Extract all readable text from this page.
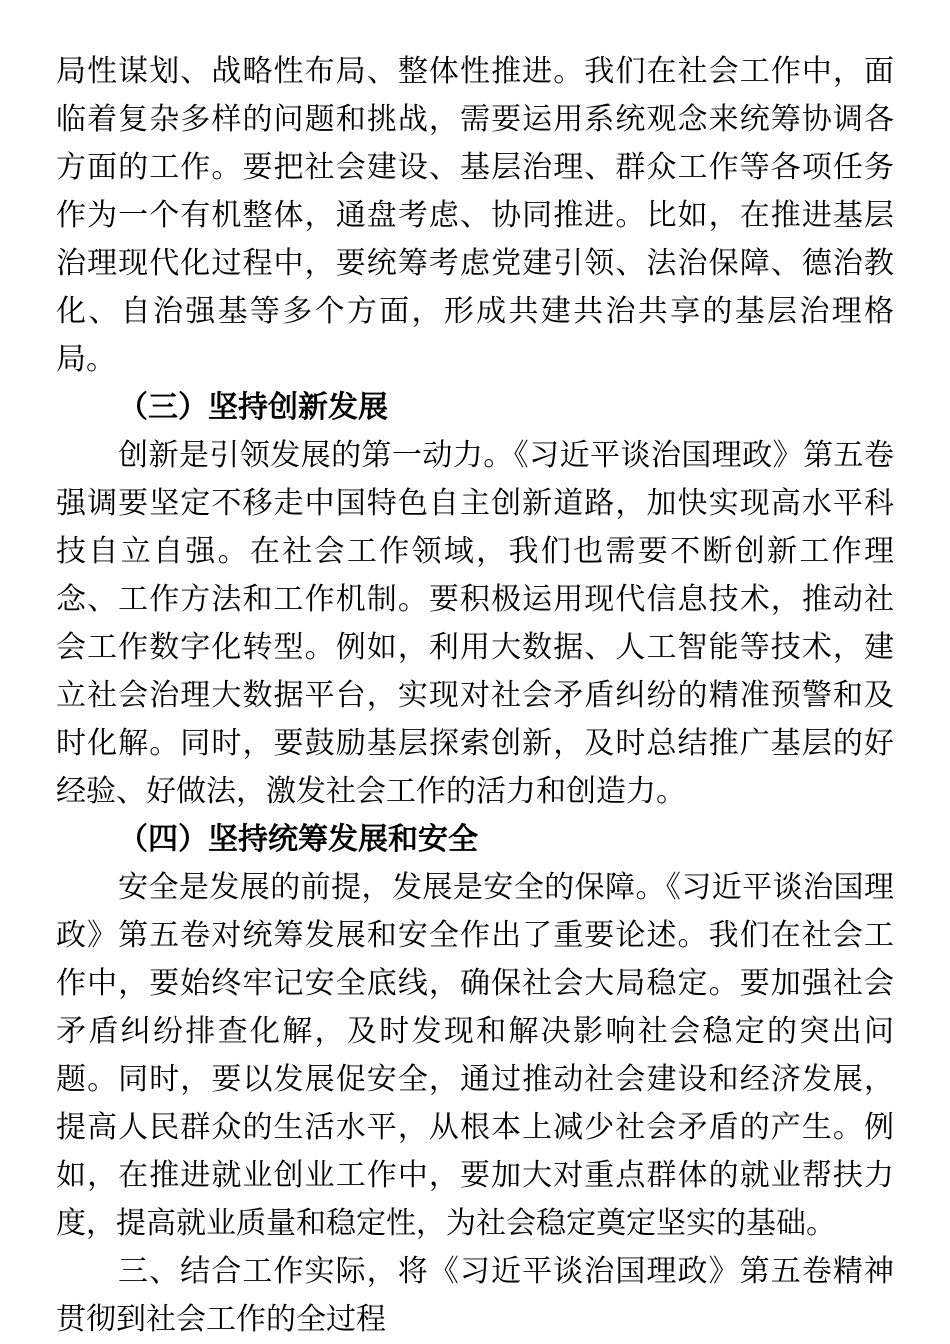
局性谋划、战略性布局、整体性推进。我们在社会工作中，面临着复杂多样的问题和挑战，需要运用系统观念来统筹协调各方面的工作。要把社会建设、基层治理、群众工作等各项任务作为一个有机整体，通盘考虑、协同推进。比如，在推进基层治理现代化过程中，要统筹考虑党建引领、法治保障、德治教化、自治强基等多个方面，形成共建共治共享的基层治理格局。

（三）坚持创新发展

创新是引领发展的第一动力。《习近平谈治国理政》第五卷强调要坚定不移走中国特色自主创新道路，加快实现高水平科技自立自强。在社会工作领域，我们也需要不断创新工作理念、工作方法和工作机制。要积极运用现代信息技术，推动社会工作数字化转型。例如，利用大数据、人工智能等技术，建立社会治理大数据平台，实现对社会矛盾纠纷的精准预警和及时化解。同时，要鼓励基层探索创新，及时总结推广基层的好经验、好做法，激发社会工作的活力和创造力。

（四）坚持统筹发展和安全

安全是发展的前提，发展是安全的保障。《习近平谈治国理政》第五卷对统筹发展和安全作出了重要论述。我们在社会工作中，要始终牢记安全底线，确保社会大局稳定。要加强社会矛盾纠纷排查化解，及时发现和解决影响社会稳定的突出问题。同时，要以发展促安全，通过推动社会建设和经济发展，提高人民群众的生活水平，从根本上减少社会矛盾的产生。例如，在推进就业创业工作中，要加大对重点群体的就业帮扶力度，提高就业质量和稳定性，为社会稳定奠定坚实的基础。

三、结合工作实际，将《习近平谈治国理政》第五卷精神贯彻到社会工作的全过程
